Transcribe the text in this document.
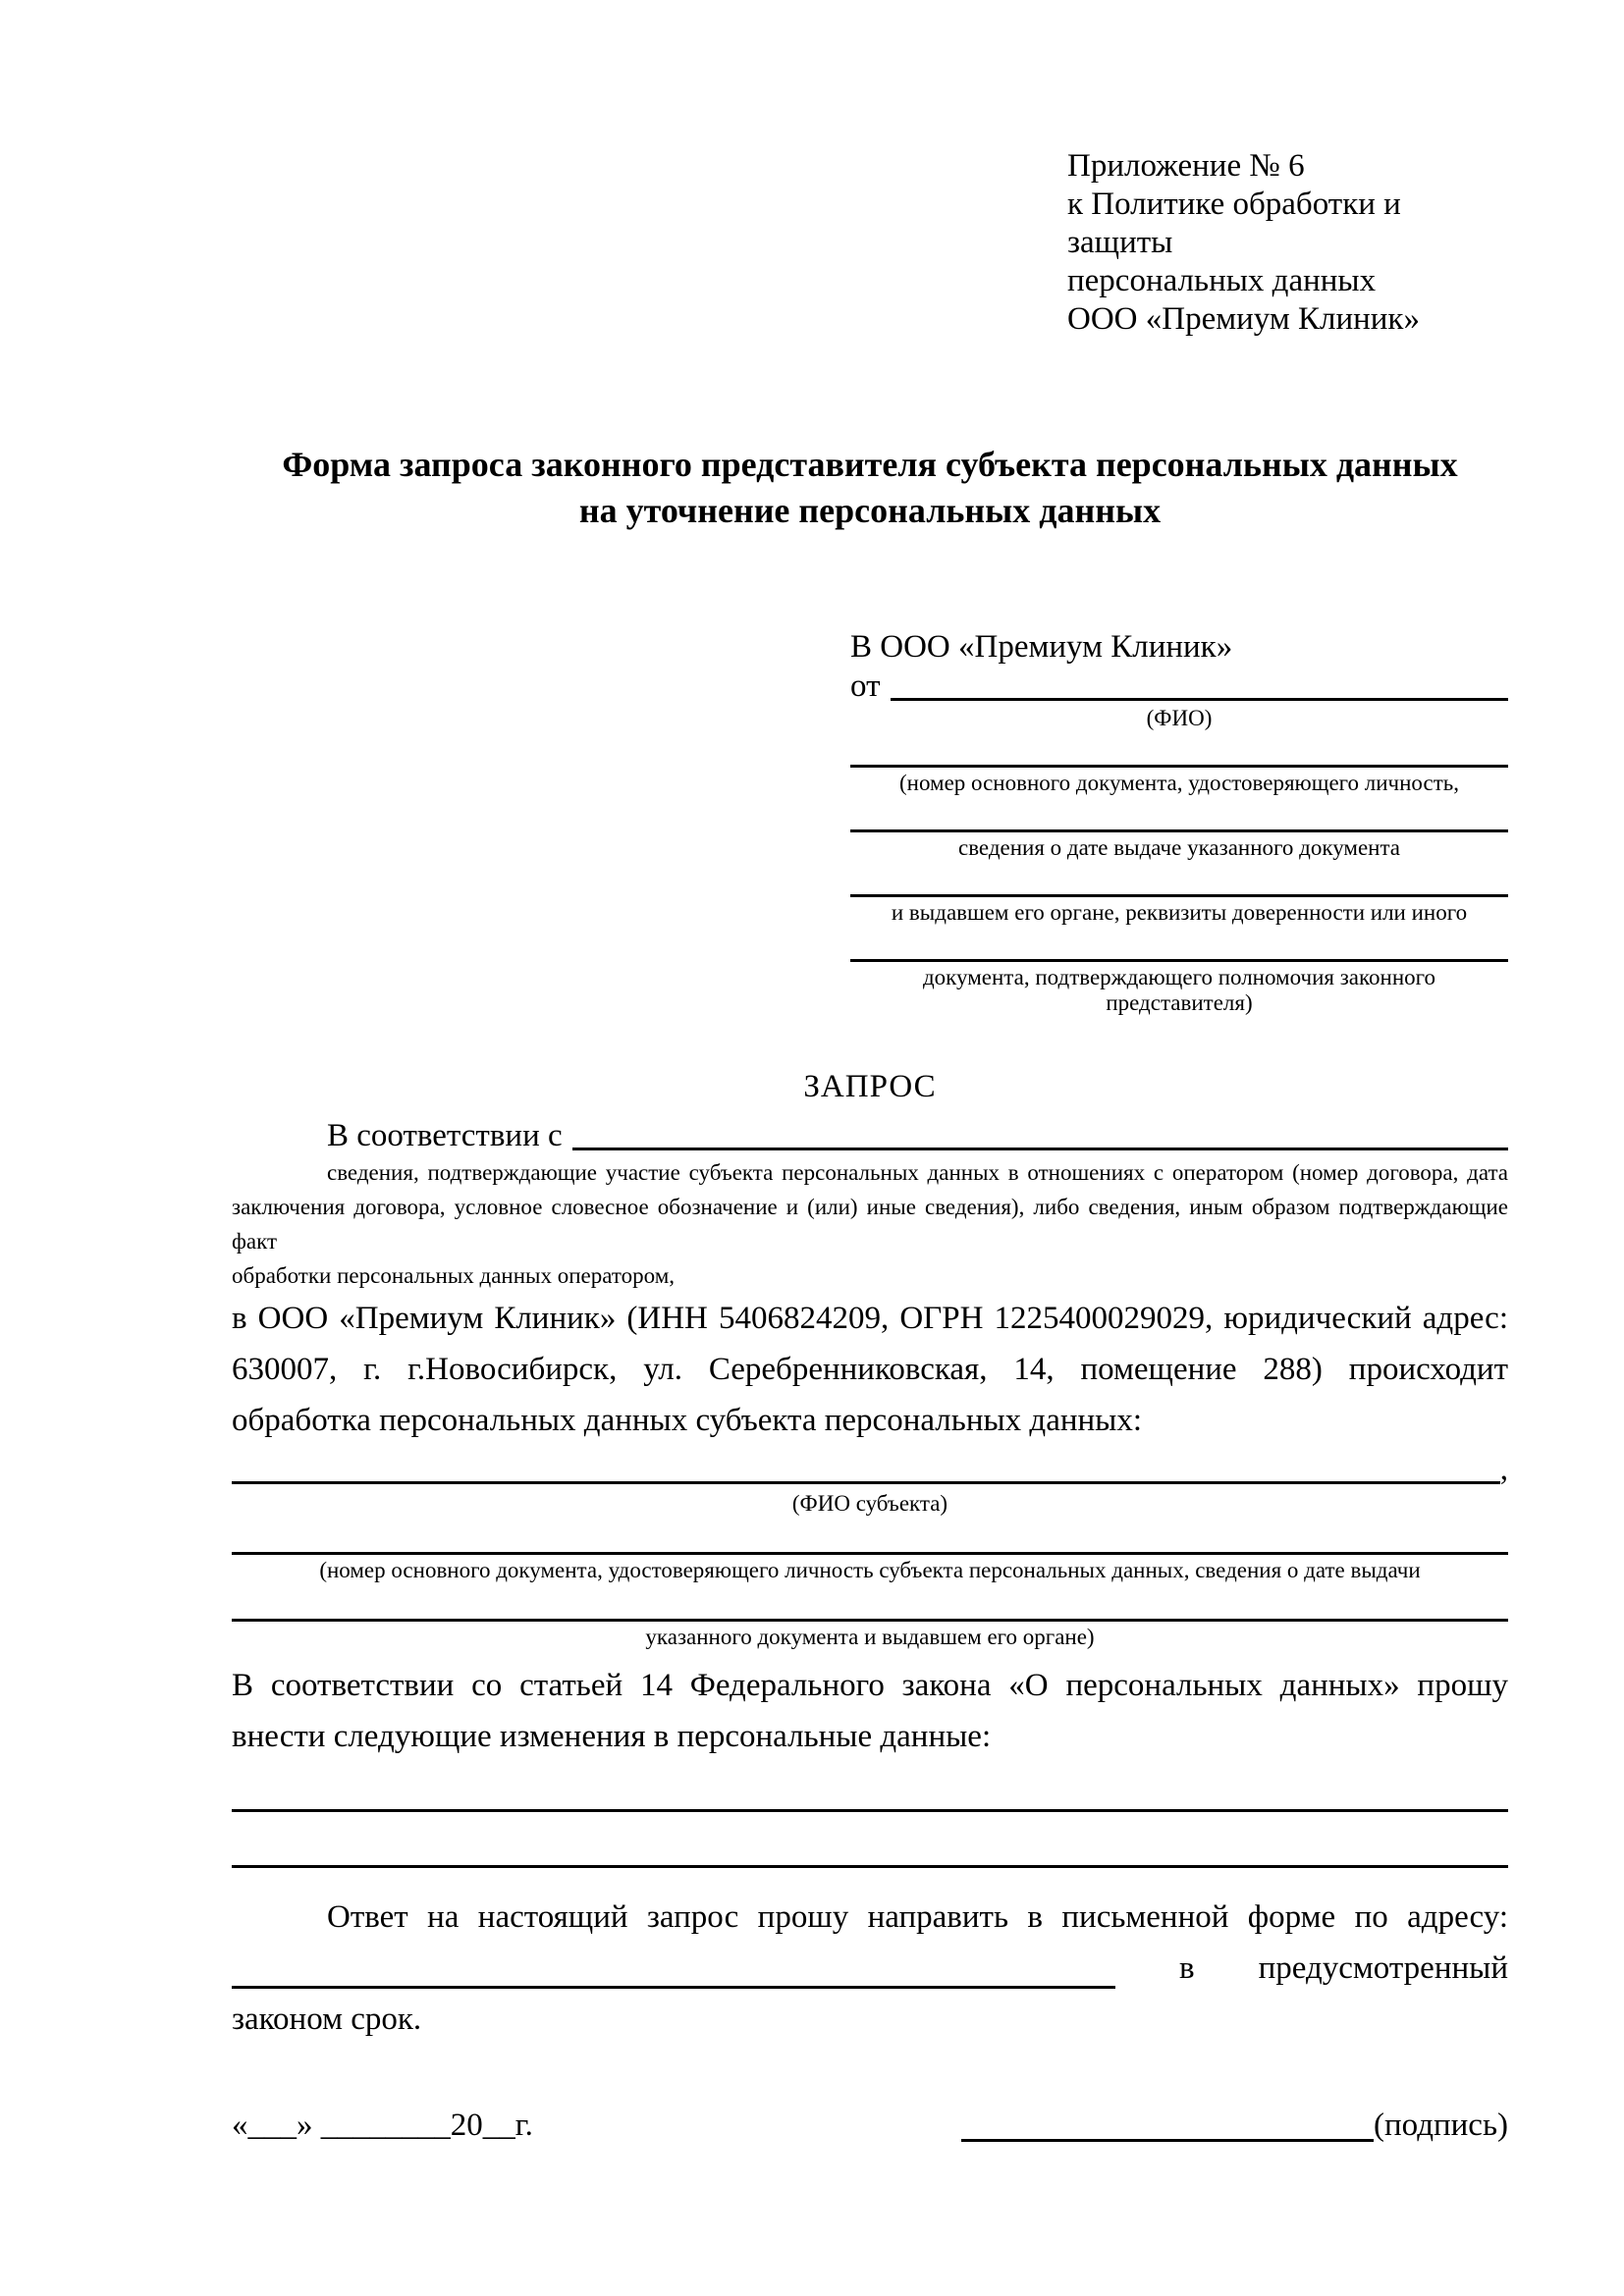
Приложение № 6
к Политике обработки и защиты
персональных данных
ООО «Премиум Клиник»
Форма запроса законного представителя субъекта персональных данных
на уточнение персональных данных
В ООО «Премиум Клиник»
от
(ФИО)
(номер основного документа, удостоверяющего личность,
сведения о дате выдаче указанного документа
и выдавшем его органе, реквизиты доверенности или иного
документа, подтверждающего полномочия законного представителя)
ЗАПРОС
В соответствии с
сведения, подтверждающие участие субъекта персональных данных в отношениях с оператором (номер договора, дата
заключения договора, условное словесное обозначение и (или) иные сведения), либо сведения, иным образом подтверждающие факт
обработки персональных данных оператором,
в ООО «Премиум Клиник» (ИНН 5406824209, ОГРН 1225400029029, юридический адрес:
630007, г. г.Новосибирск, ул. Серебренниковская, 14, помещение 288) происходит
обработка персональных данных субъекта персональных данных:
,
(ФИО субъекта)
(номер основного документа, удостоверяющего личность субъекта персональных данных, сведения о дате выдачи
указанного документа и выдавшем его органе)
В соответствии со статьей 14 Федерального закона «О персональных данных» прошу
внести следующие изменения в персональные данные:
Ответ на настоящий запрос прошу направить в письменной форме по адресу:
в предусмотренный
законом срок.
«___» ________20__г.	(подпись)
